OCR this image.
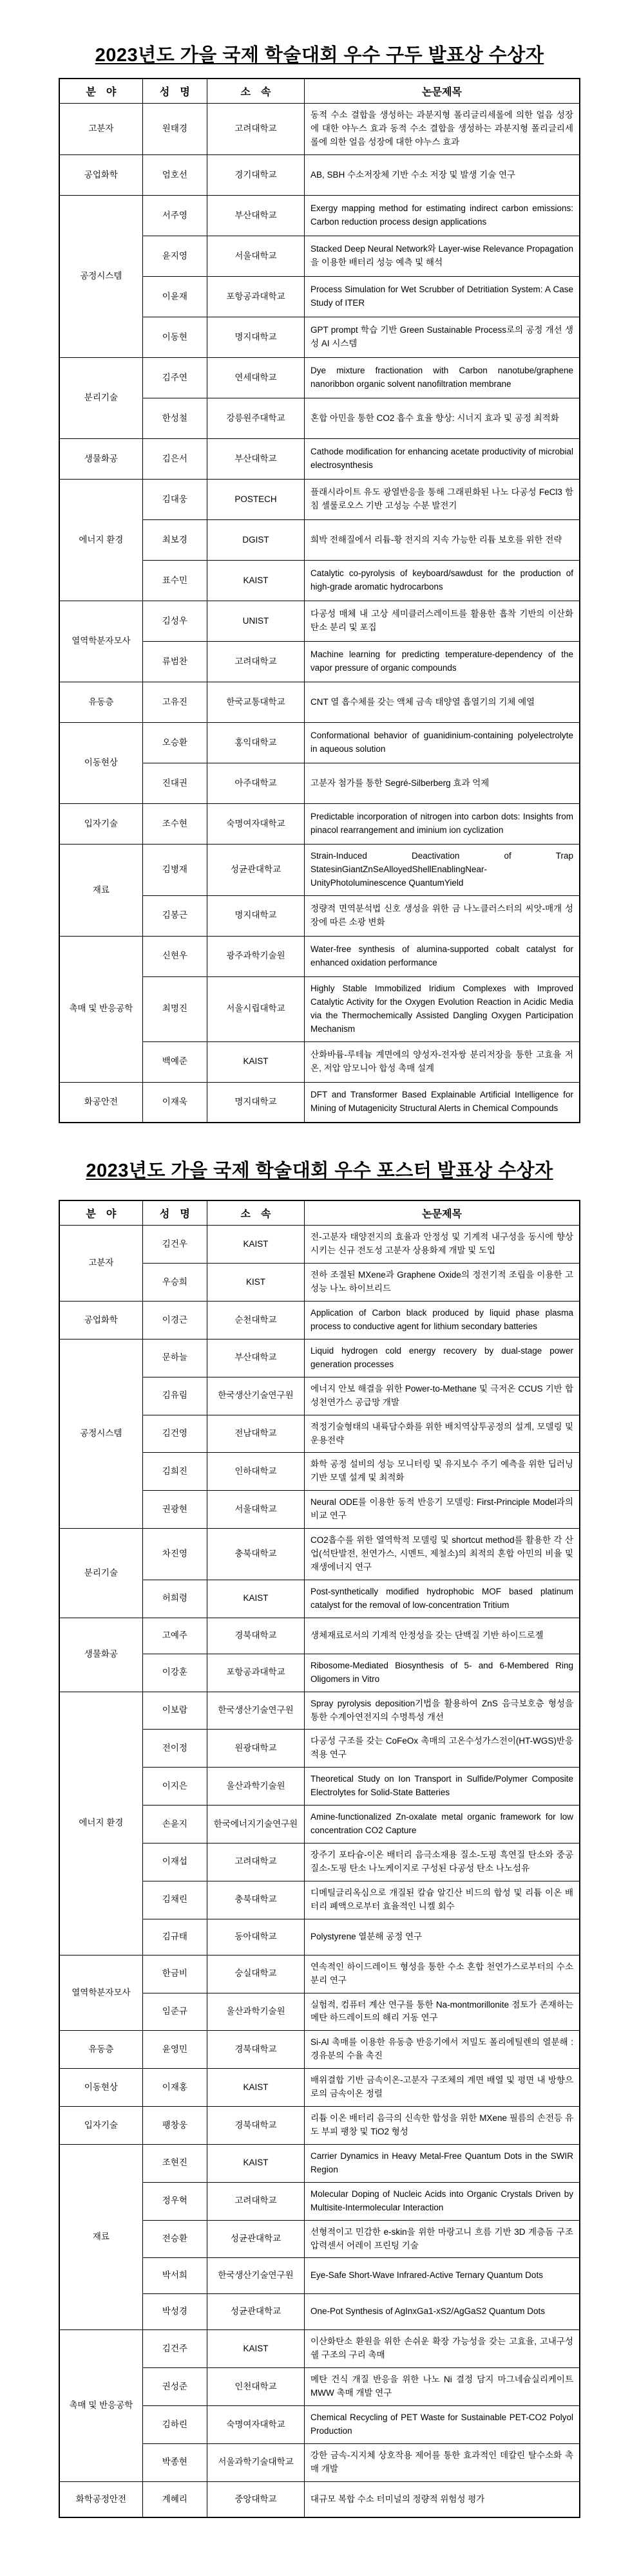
2023년도 가을 국제 학술대회 우수 구두 발표상 수상자
분　야	성　명	소　속	논문제목
고분자	원태경	고려대학교	동적 수소 결합을 생성하는 과분지형 폴리글리세롤에 의한 얼음 성장에 대한 야누스 효과 동적 수소 결합을 생성하는 과분지형 폴리글리세롤에 의한 얼음 성장에 대한 야누스 효과
공업화학	엄호선	경기대학교	AB, SBH 수소저장체 기반 수소 저장 및 발생 기술 연구
공정시스템	서주영	부산대학교	Exergy mapping method for estimating indirect carbon emissions: Carbon reduction process design applications
	윤지영	서울대학교	Stacked Deep Neural Network와 Layer-wise Relevance Propagation을 이용한 배터리 성능 예측 및 해석
	이윤재	포항공과대학교	Process Simulation for Wet Scrubber of Detritiation System: A Case Study of ITER
	이동현	명지대학교	GPT prompt 학습 기반 Green Sustainable Process로의 공정 개선 생성 AI 시스템
분리기술	김주연	연세대학교	Dye mixture fractionation with Carbon nanotube/graphene nanoribbon organic solvent nanofiltration membrane
	한성철	강릉원주대학교	혼합 아민을 통한 CO2 흡수 효율 향상: 시너지 효과 및 공정 최적화
생물화공	김은서	부산대학교	Cathode modification for enhancing acetate productivity of microbial electrosynthesis
에너지 환경	김대웅	POSTECH	플래시라이트 유도 광열반응을 통해 그래핀화된 나노 다공성 FeCl3 함침 셀룰로오스 기반 고성능 수분 발전기
	최보경	DGIST	희박 전해질에서 리튬-황 전지의 지속 가능한 리튬 보호를 위한 전략
	표수민	KAIST	Catalytic co-pyrolysis of keyboard/sawdust for the production of high-grade aromatic hydrocarbons
열역학분자모사	김성우	UNIST	다공성 매체 내 고상 세미클러스레이트를 활용한 흡착 기반의 이산화탄소 분리 및 포집
	류범찬	고려대학교	Machine learning for predicting temperature-dependency of the vapor pressure of organic compounds
유동층	고유진	한국교통대학교	CNT 열 흡수체를 갖는 액체 금속 태양열 흡열기의 기체 예열
이동현상	오승환	홍익대학교	Conformational behavior of guanidinium-containing polyelectrolyte in aqueous solution
	진대권	아주대학교	고분자 첨가를 통한 Segré-Silberberg 효과 억제
입자기술	조수현	숙명여자대학교	Predictable incorporation of nitrogen into carbon dots: Insights from pinacol rearrangement and iminium ion cyclization
재료	김병재	성균관대학교	Strain-Induced Deactivation of Trap StatesinGiantZnSeAlloyedShellEnablingNear-UnityPhotoluminescence QuantumYield
	김봉근	명지대학교	정량적 면역분석법 신호 생성을 위한 금 나노클러스터의 씨앗-매개 성장에 따른 소광 변화
촉매 및 반응공학	신현우	광주과학기술원	Water-free synthesis of alumina-supported cobalt catalyst for enhanced oxidation performance
	최명진	서울시립대학교	Highly Stable Immobilized Iridium Complexes with Improved Catalytic Activity for the Oxygen Evolution Reaction in Acidic Media via the Thermochemically Assisted Dangling Oxygen Participation Mechanism
	백예준	KAIST	산화바륨-루테늄 계면에의 양성자-전자쌍 분리저장을 통한 고효율 저온, 저압 암모니아 합성 촉매 설계
화공안전	이재욱	명지대학교	DFT and Transformer Based Explainable Artificial Intelligence for Mining of Mutagenicity Structural Alerts in Chemical Compounds
2023년도 가을 국제 학술대회 우수 포스터 발표상 수상자
분　야	성　명	소　속	논문제목
고분자	김건우	KAIST	전-고분자 태양전지의 효율과 안정성 및 기계적 내구성을 동시에 향상시키는 신규 전도성 고분자 상용화제 개발 및 도입
	우승희	KIST	전하 조절된 MXene과 Graphene Oxide의 정전기적 조립을 이용한 고성능 나노 하이브리드
공업화학	이경근	순천대학교	Application of Carbon black produced by liquid phase plasma process to conductive agent for lithium secondary batteries
공정시스템	문하늘	부산대학교	Liquid hydrogen cold energy recovery by dual-stage power generation processes
	김유림	한국생산기술연구원	에너지 안보 해결을 위한 Power-to-Methane 및 극저온 CCUS 기반 합성천연가스 공급망 개발
	김건영	전남대학교	적정기술형태의 내륙담수화를 위한 배치역삼투공정의 설계, 모델링 및 운용전략
	김희진	인하대학교	화학 공정 설비의 성능 모니터링 및 유지보수 주기 예측을 위한 딥러닝 기반 모델 설계 및 최적화
	권광현	서울대학교	Neural ODE를 이용한 동적 반응기 모델링: First-Principle Model과의 비교 연구
분리기술	차진영	충북대학교	CO2흡수를 위한 열역학적 모델링 및 shortcut method를 활용한 각 산업(석탄발전, 천연가스, 시멘트, 제철소)의 최적의 혼합 아민의 비율 및 재생에너지 연구
	허희령	KAIST	Post-synthetically modified hydrophobic MOF based platinum catalyst for the removal of low-concentration Tritium
생물화공	고예주	경북대학교	생체재료로서의 기계적 안정성을 갖는 단백질 기반 하이드로젤
	이강훈	포항공과대학교	Ribosome-Mediated Biosynthesis of 5- and 6-Membered Ring Oligomers in Vitro
에너지 환경	이보람	한국생산기술연구원	Spray pyrolysis deposition기법을 활용하여 ZnS 음극보호층 형성을 통한 수계아연전지의 수명특성 개선
	전이정	원광대학교	다공성 구조를 갖는 CoFeOx 촉매의 고온수성가스전이(HT-WGS)반응 적용 연구
	이지은	울산과학기술원	Theoretical Study on Ion Transport in Sulfide/Polymer Composite Electrolytes for Solid-State Batteries
	손윤지	한국에너지기술연구원	Amine-functionalized Zn-oxalate metal organic framework for low concentration CO2 Capture
	이재섭	고려대학교	장주기 포타슘-이온 배터리 음극소재용 질소-도핑 흑연질 탄소와 중공 질소-도핑 탄소 나노케이지로 구성된 다공성 탄소 나노섬유
	김채린	충북대학교	디메틸글리옥심으로 개질된 칼슘 알긴산 비드의 합성 및 리튬 이온 배터리 폐액으로부터 효율적인 니켈 회수
	김규태	동아대학교	Polystyrene 열분해 공정 연구
열역학분자모사	한금비	숭실대학교	연속적인 하이드레이트 형성을 통한 수소 혼합 천연가스로부터의 수소 분리 연구
	임준규	울산과학기술원	실험적, 컴퓨터 계산 연구를 통한 Na-montmorillonite 점토가 존재하는 메탄 하드레이트의 해리 거동 연구
유동층	윤영민	경북대학교	Si-Al 촉매를 이용한 유동층 반응기에서 저밀도 폴리에틸렌의 열분해 : 경유분의 수율 촉진
이동현상	이재홍	KAIST	배위결합 기반 금속이온-고분자 구조체의 계면 배열 및 평면 내 방향으로의 금속이온 정렬
입자기술	팽창웅	경북대학교	리튬 이온 배터리 음극의 신속한 합성을 위한 MXene 필름의 손전등 유도 부피 팽창 및 TiO2 형성
재료	조현진	KAIST	Carrier Dynamics in Heavy Metal-Free Quantum Dots in the SWIR Region
	정우혁	고려대학교	Molecular Doping of Nucleic Acids into Organic Crystals Driven by Multisite-Intermolecular Interaction
	전승환	성균관대학교	선형적이고 민감한 e-skin을 위한 마랑고니 흐름 기반 3D 계층돔 구조 압력센서 어레이 프린팅 기술
	박서희	한국생산기술연구원	Eye-Safe Short-Wave Infrared-Active Ternary Quantum Dots
	박성경	성균관대학교	One-Pot Synthesis of AgInxGa1-xS2/AgGaS2 Quantum Dots
촉매 및 반응공학	김건주	KAIST	이산화탄소 환원을 위한 손쉬운 확장 가능성을 갖는 고효율, 고내구성 쉘 구조의 구리 촉매
	권성준	인천대학교	메탄 건식 개질 반응을 위한 나노 Ni 결정 담지 마그네슘실리케이트 MWW 촉매 개발 연구
	김하린	숙명여자대학교	Chemical Recycling of PET Waste for Sustainable PET-CO2 Polyol Production
	박종현	서울과학기술대학교	강한 금속-지지체 상호작용 제어를 통한 효과적인 데칼린 탈수소화 촉매 개발
화학공정안전	계혜리	중앙대학교	대규모 복합 수소 터미널의 정량적 위험성 평가
